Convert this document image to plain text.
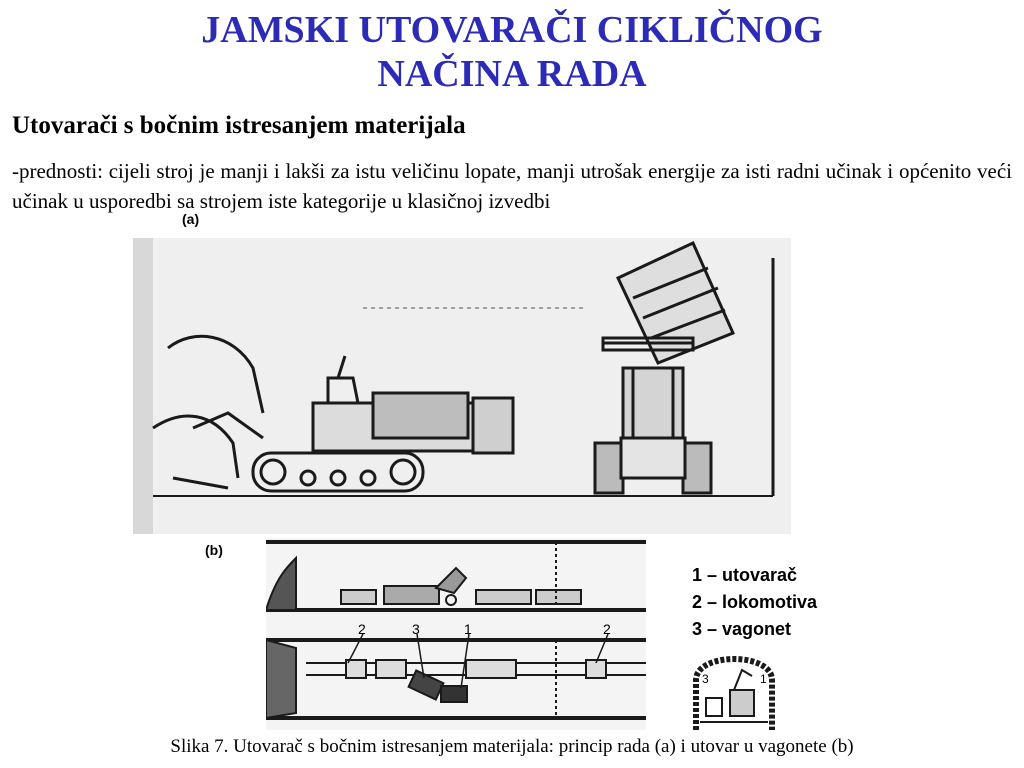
JAMSKI UTOVARAČI CIKLIČNOG
NAČINA RADA
Utovarači s bočnim istresanjem materijala
-prednosti: cijeli stroj je manji i lakši za istu veličinu lopate, manji utrošak energije za isti radni učinak i općenito veći učinak u usporedbi sa strojem iste kategorije u klasičnoj izvedbi
(a)
(b)
2	3	1	2
3	1
1 – utovarač
2 – lokomotiva
3 – vagonet
Slika 7. Utovarač s bočnim istresanjem materijala: princip rada (a) i utovar u vagonete (b)
